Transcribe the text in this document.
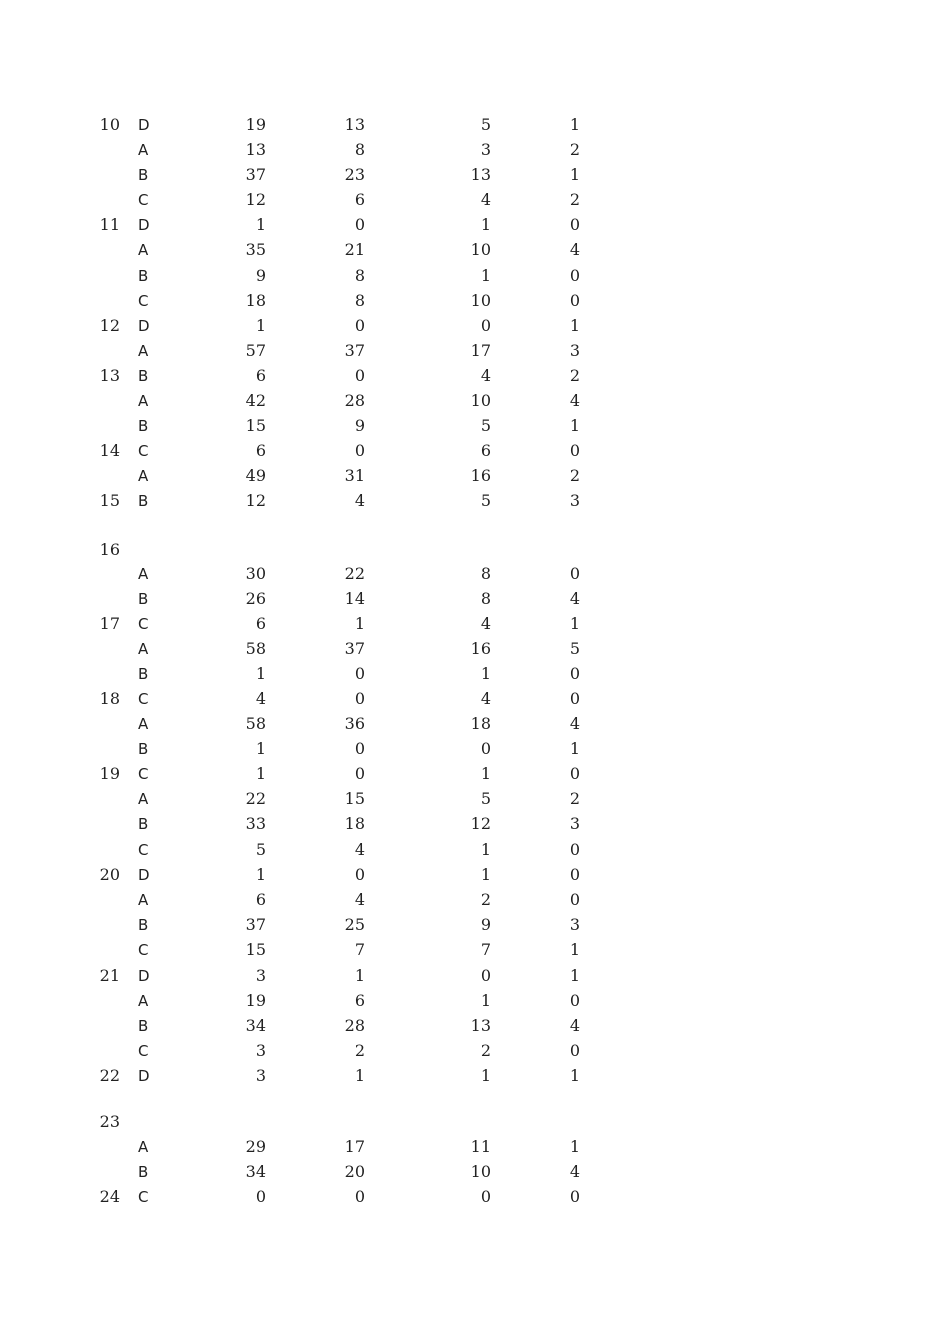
10 D	19	13	5	1
A	13	8	3	2
B	37	23	13	1
C	12	6	4	2
11 D	1	0	1	0
A	35	21	10	4
B	9	8	1	0
C	18	8	10	0
12 D	1	0	0	1
A	57	37	17	3
13 B	6	0	4	2
A	42	28	10	4
B	15	9	5	1
14 C	6	0	6	0
A	49	31	16	2
15 B	12	4	5	3
16
A	30	22	8	0
B	26	14	8	4
17 C	6	1	4	1
A	58	37	16	5
B	1	0	1	0
18 C	4	0	4	0
A	58	36	18	4
B	1	0	0	1
19 C	1	0	1	0
A	22	15	5	2
B	33	18	12	3
C	5	4	1	0
20 D	1	0	1	0
A	6	4	2	0
B	37	25	9	3
C	15	7	7	1
21 D	3	1	0	1
A	19	6	1	0
B	34	28	13	4
C	3	2	2	0
22 D	3	1	1	1
23
A	29	17	11	1
B	34	20	10	4
24 C	0	0	0	0
